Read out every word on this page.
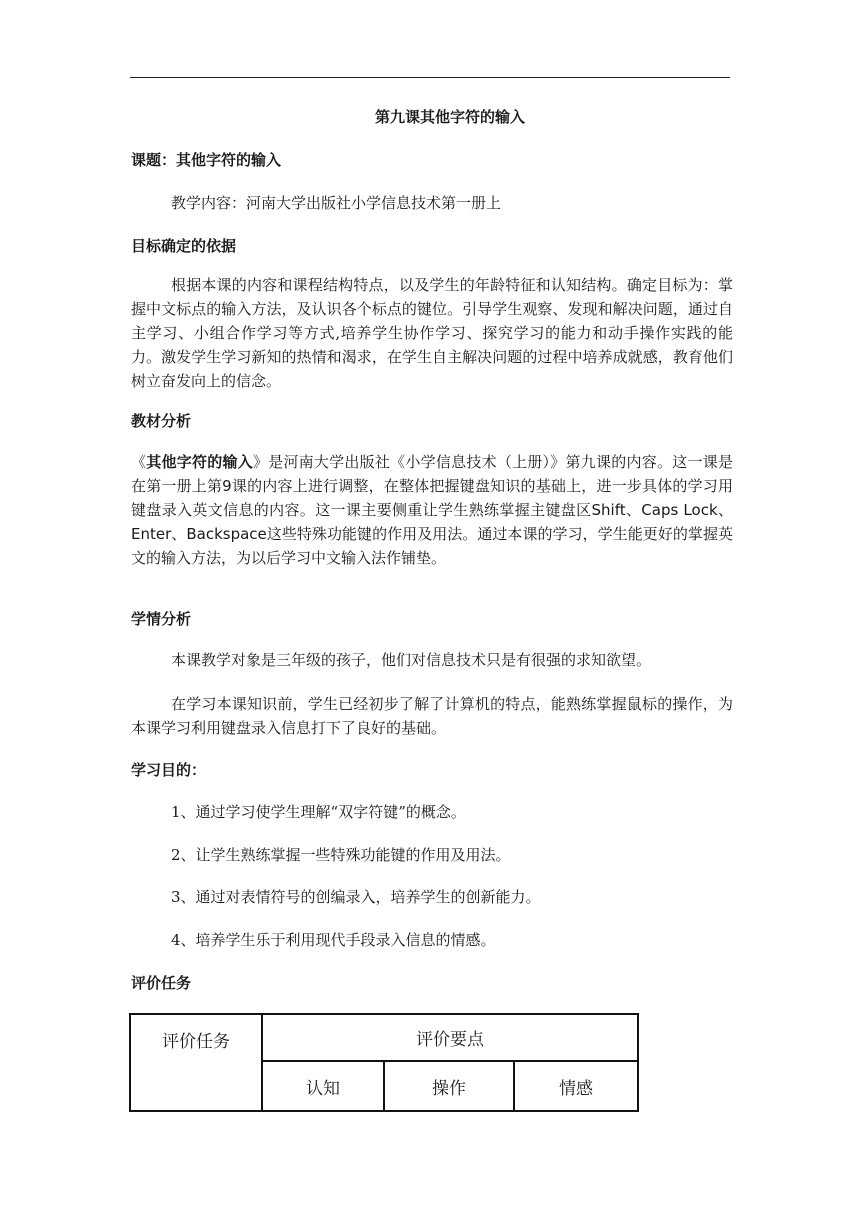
第九课其他字符的输入
课题：其他字符的输入
教学内容：河南大学出版社小学信息技术第一册上
目标确定的依据
根据本课的内容和课程结构特点，以及学生的年龄特征和认知结构。确定目标为：掌握中文标点的输入方法，及认识各个标点的键位。引导学生观察、发现和解决问题，通过自主学习、小组合作学习等方式,培养学生协作学习、探究学习的能力和动手操作实践的能力。激发学生学习新知的热情和渴求，在学生自主解决问题的过程中培养成就感，教育他们树立奋发向上的信念。
教材分析
《其他字符的输入》是河南大学出版社《小学信息技术（上册）》第九课的内容。这一课是在第一册上第9课的内容上进行调整，在整体把握键盘知识的基础上，进一步具体的学习用键盘录入英文信息的内容。这一课主要侧重让学生熟练掌握主键盘区Shift、Caps Lock、Enter、Backspace这些特殊功能键的作用及用法。通过本课的学习，学生能更好的掌握英文的输入方法，为以后学习中文输入法作铺垫。
学情分析
本课教学对象是三年级的孩子，他们对信息技术只是有很强的求知欲望。
在学习本课知识前，学生已经初步了解了计算机的特点，能熟练掌握鼠标的操作，为本课学习利用键盘录入信息打下了良好的基础。
学习目的：
1、通过学习使学生理解“双字符键”的概念。
2、让学生熟练掌握一些特殊功能键的作用及用法。
3、通过对表情符号的创编录入，培养学生的创新能力。
4、培养学生乐于利用现代手段录入信息的情感。
评价任务
评价任务	评价要点		
	认知	操作	情感
